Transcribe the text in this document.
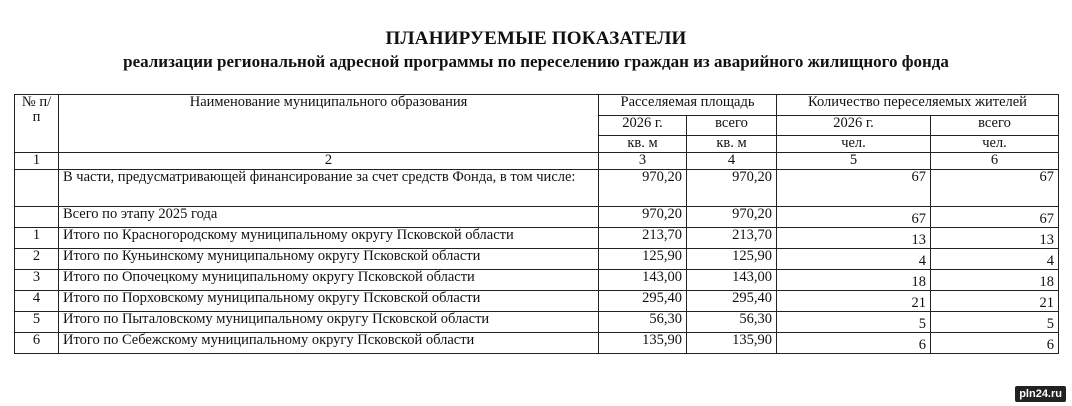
ПЛАНИРУЕМЫЕ ПОКАЗАТЕЛИ
реализации региональной адресной программы по переселению граждан из аварийного жилищного фонда
№ п/п	Наименование муниципального образования	Расселяемая площадь		Количество переселяемых жителей	
		2026 г.	всего	2026 г.	всего
		кв. м	кв. м	чел.	чел.
1	2	3	4	5	6
	В части, предусматривающей финансирование за счет средств Фонда, в том числе:	970,20	970,20	67	67
	Всего по этапу 2025 года	970,20	970,20	67	67
1	Итого по Красногородскому муниципальному округу Псковской области	213,70	213,70	13	13
2	Итого по Куньинскому муниципальному округу Псковской области	125,90	125,90	4	4
3	Итого по Опочецкому муниципальному округу Псковской области	143,00	143,00	18	18
4	Итого по Порховскому муниципальному округу Псковской области	295,40	295,40	21	21
5	Итого по Пыталовскому муниципальному округу Псковской области	56,30	56,30	5	5
6	Итого по Себежскому муниципальному округу Псковской области	135,90	135,90	6	6
pln24.ru
